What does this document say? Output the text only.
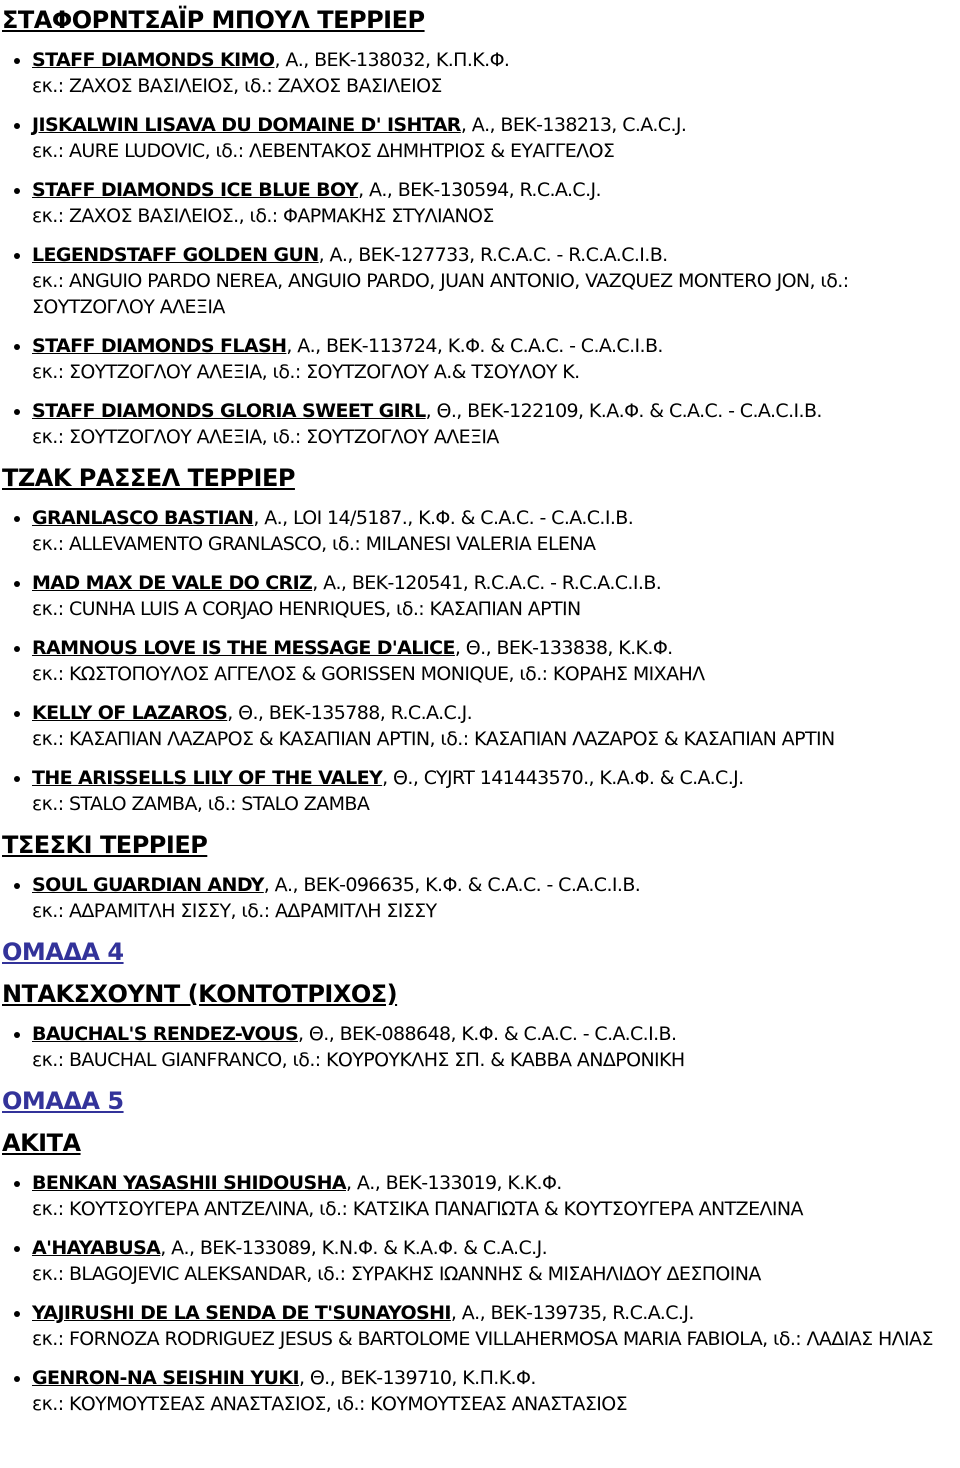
ΣΤΑΦΟΡΝΤΣΑΪΡ ΜΠΟΥΛ ΤΕΡΡΙΕΡ
• STAFF DIAMONDS KIMO, Α., ΒΕΚ-138032, Κ.Π.Κ.Φ.
εκ.: ΖΑΧΟΣ ΒΑΣΙΛΕΙΟΣ, ιδ.: ΖΑΧΟΣ ΒΑΣΙΛΕΙΟΣ
• JISKALWIN LISAVA DU DOMAINE D' ISHTAR, Α., ΒΕΚ-138213, C.A.C.J.
εκ.: AURE LUDOVIC, ιδ.: ΛΕΒΕΝΤΑΚΟΣ ΔΗΜΗΤΡΙΟΣ & ΕΥΑΓΓΕΛΟΣ
• STAFF DIAMONDS ICE BLUE BOY, Α., ΒΕΚ-130594, R.C.A.C.J.
εκ.: ΖΑΧΟΣ ΒΑΣΙΛΕΙΟΣ., ιδ.: ΦΑΡΜΑΚΗΣ ΣΤΥΛΙΑΝΟΣ
• LEGENDSTAFF GOLDEN GUN, Α., ΒΕΚ-127733, R.C.A.C. - R.C.A.C.I.B.
εκ.: ANGUIO PARDO NEREA, ANGUIO PARDO, JUAN ANTONIO, VAZQUEZ MONTERO JON, ιδ.: ΣΟΥΤΖΟΓΛΟΥ ΑΛΕΞΙΑ
• STAFF DIAMONDS FLASH, Α., ΒΕΚ-113724, Κ.Φ. & C.A.C. - C.A.C.I.B.
εκ.: ΣΟΥΤΖΟΓΛΟΥ ΑΛΕΞΙΑ, ιδ.: ΣΟΥΤΖΟΓΛΟΥ Α.& ΤΣΟΥΛΟΥ Κ.
• STAFF DIAMONDS GLORIA SWEET GIRL, Θ., ΒΕΚ-122109, Κ.Α.Φ. & C.A.C. - C.A.C.I.B.
εκ.: ΣΟΥΤΖΟΓΛΟΥ ΑΛΕΞΙΑ, ιδ.: ΣΟΥΤΖΟΓΛΟΥ ΑΛΕΞΙΑ
ΤΖΑΚ ΡΑΣΣΕΛ ΤΕΡΡΙΕΡ
• GRANLASCO BASTIAN, Α., LOI 14/5187., Κ.Φ. & C.A.C. - C.A.C.I.B.
εκ.: ALLEVAMENTO GRANLASCO, ιδ.: MILANESI VALERIA ELENA
• MAD MAX DE VALE DO CRIZ, Α., ΒΕΚ-120541, R.C.A.C. - R.C.A.C.I.B.
εκ.: CUNHA LUIS A CORJAO HENRIQUES, ιδ.: ΚΑΣΑΠΙΑΝ ΑΡΤΙΝ
• RAMNOUS LOVE IS THE MESSAGE D'ALICE, Θ., ΒΕΚ-133838, Κ.Κ.Φ.
εκ.: ΚΩΣΤΟΠΟΥΛΟΣ ΑΓΓΕΛΟΣ & GORISSEN MONIQUE, ιδ.: ΚΟΡΑΗΣ ΜΙΧΑΗΛ
• KELLY OF LAZAROS, Θ., ΒΕΚ-135788, R.C.A.C.J.
εκ.: ΚΑΣΑΠΙΑΝ ΛΑΖΑΡΟΣ & ΚΑΣΑΠΙΑΝ ΑΡΤΙΝ, ιδ.: ΚΑΣΑΠΙΑΝ ΛΑΖΑΡΟΣ & ΚΑΣΑΠΙΑΝ ΑΡΤΙΝ
• THE ARISSELLS LILY OF THE VALEY, Θ., CYJRT 141443570., Κ.Α.Φ. & C.A.C.J.
εκ.: STALO ZAMBA, ιδ.: STALO ZAMBA
ΤΣΕΣΚΙ ΤΕΡΡΙΕΡ
• SOUL GUARDIAN ANDY, Α., ΒΕΚ-096635, Κ.Φ. & C.A.C. - C.A.C.I.B.
εκ.: ΑΔΡΑΜΙΤΛΗ ΣΙΣΣΥ, ιδ.: ΑΔΡΑΜΙΤΛΗ ΣΙΣΣΥ
ΟΜΑΔΑ 4
ΝΤΑΚΣΧΟΥΝΤ (ΚΟΝΤΟΤΡΙΧΟΣ)
• BAUCHAL'S RENDEZ-VOUS, Θ., ΒΕΚ-088648, Κ.Φ. & C.A.C. - C.A.C.I.B.
εκ.: BAUCHAL GIANFRANCO, ιδ.: ΚΟΥΡΟΥΚΛΗΣ ΣΠ. & ΚΑΒΒΑ ΑΝΔΡΟΝΙΚΗ
ΟΜΑΔΑ 5
ΑΚΙΤΑ
• BENKAN YASASHII SHIDOUSHA, Α., ΒΕΚ-133019, Κ.Κ.Φ.
εκ.: ΚΟΥΤΣΟΥΓΕΡΑ ΑΝΤΖΕΛΙΝΑ, ιδ.: ΚΑΤΣΙΚΑ ΠΑΝΑΓΙΩΤΑ & ΚΟΥΤΣΟΥΓΕΡΑ ΑΝΤΖΕΛΙΝΑ
• A'HAYABUSA, Α., ΒΕΚ-133089, Κ.Ν.Φ. & Κ.Α.Φ. & C.A.C.J.
εκ.: BLAGOJEVIC ALEKSANDAR, ιδ.: ΣΥΡΑΚΗΣ ΙΩΑΝΝΗΣ & ΜΙΣΑΗΛΙΔΟΥ ΔΕΣΠΟΙΝΑ
• YAJIRUSHI DE LA SENDA DE T'SUNAYOSHI, Α., ΒΕΚ-139735, R.C.A.C.J.
εκ.: FORNOZA RODRIGUEZ JESUS & BARTOLOME VILLAHERMOSA MARIA FABIOLA, ιδ.: ΛΑΔΙΑΣ ΗΛΙΑΣ
• GENRON-NA SEISHIN YUKI, Θ., ΒΕΚ-139710, Κ.Π.Κ.Φ.
εκ.: ΚΟΥΜΟΥΤΣΕΑΣ ΑΝΑΣΤΑΣΙΟΣ, ιδ.: ΚΟΥΜΟΥΤΣΕΑΣ ΑΝΑΣΤΑΣΙΟΣ
